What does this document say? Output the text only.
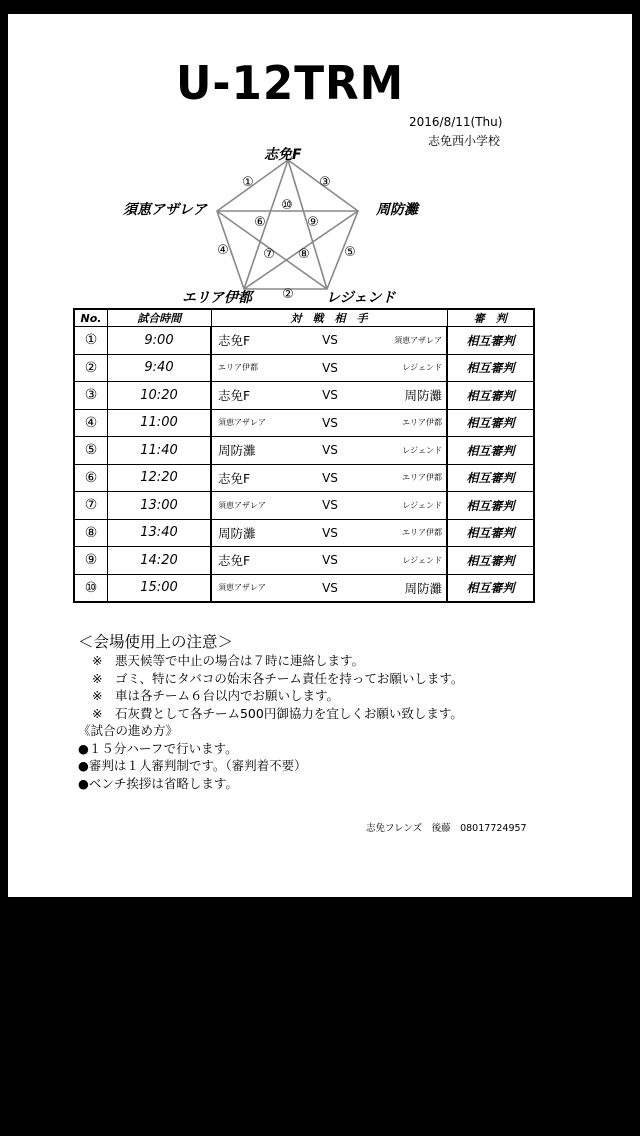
U-12TRM
2016/8/11(Thu)
志免西小学校
①	③
⑩
⑥	⑨
④	⑤
⑦ ⑧
②
志免F
須恵アザレア	周防灘
エリア伊都	レジェンド
No.	試合時間	対　戦　相　手	審　判
①	9:00	志免F VS 須恵アザレア	相互審判
②	9:40	エリア伊都 VS レジェンド	相互審判
③	10:20	志免F VS 周防灘	相互審判
④	11:00	須恵アザレア VS エリア伊都	相互審判
⑤	11:40	周防灘 VS レジェンド	相互審判
⑥	12:20	志免F VS エリア伊都	相互審判
⑦	13:00	須恵アザレア VS レジェンド	相互審判
⑧	13:40	周防灘 VS エリア伊都	相互審判
⑨	14:20	志免F VS レジェンド	相互審判
⑩	15:00	須恵アザレア VS 周防灘	相互審判
＜会場使用上の注意＞
※　悪天候等で中止の場合は７時に連絡します。
※　ゴミ、特にタバコの始末各チーム責任を持ってお願いします。
※　車は各チーム６台以内でお願いします。
※　石灰費として各チーム500円御協力を宜しくお願い致します。
《試合の進め方》
●１５分ハーフで行います。
●審判は１人審判制です。（審判着不要）
●ベンチ挨拶は省略します。
志免フレンズ　後藤　08017724957
